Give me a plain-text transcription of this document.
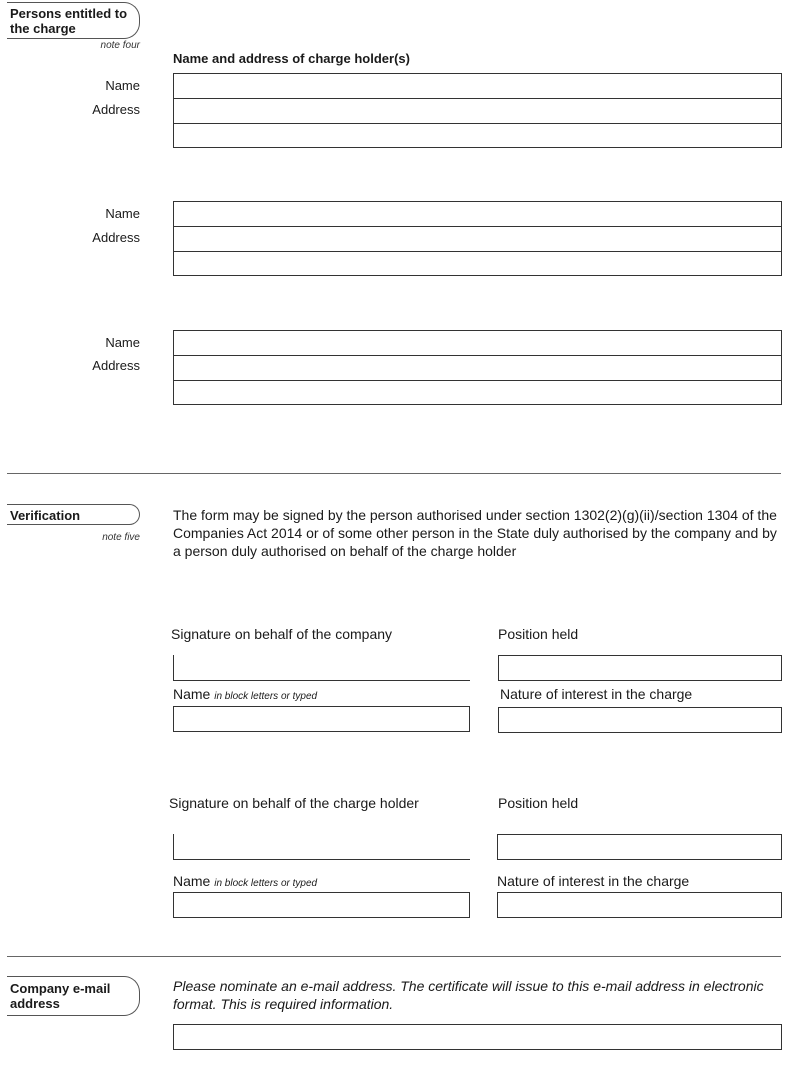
Persons entitled to
the charge
note four
Name and address of charge holder(s)
Name
Address
Name
Address
Name
Address
Verification
note five
The form may be signed by the person authorised under section 1302(2)(g)(ii)/section 1304 of the Companies Act 2014 or of some other person in the State duly authorised by the company and by a person duly authorised on behalf of the charge holder
Signature on behalf of the company	Position held
Name in block letters or typed	Nature of interest in the charge
Signature on behalf of the charge holder	Position held
Name in block letters or typed	Nature of interest in the charge
Company e-mail
address
Please nominate an e-mail address. The certificate will issue to this e-mail address in electronic format. This is required information.
